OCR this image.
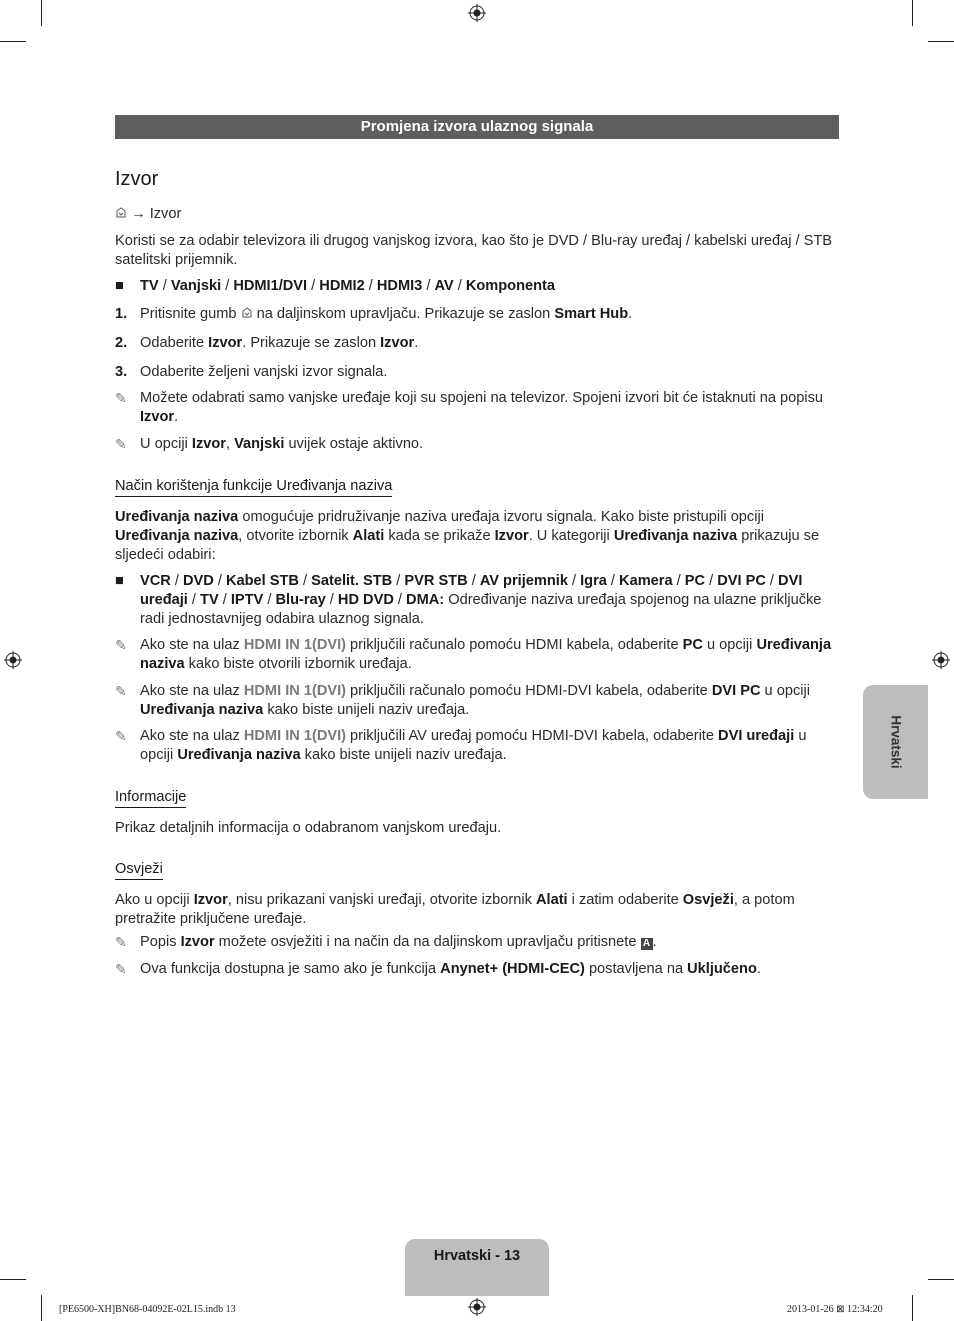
Promjena izvora ulaznog signala
Izvor
→ Izvor
Koristi se za odabir televizora ili drugog vanjskog izvora, kao što je DVD / Blu-ray uređaj / kabelski uređaj / STB satelitski prijemnik.
■	TV / Vanjski / HDMI1/DVI / HDMI2 / HDMI3 / AV / Komponenta
1. Pritisnite gumb  na daljinskom upravljaču. Prikazuje se zaslon Smart Hub.
2. Odaberite Izvor. Prikazuje se zaslon Izvor.
3. Odaberite željeni vanjski izvor signala.
✎ Možete odabrati samo vanjske uređaje koji su spojeni na televizor. Spojeni izvori bit će istaknuti na popisu Izvor.
✎ U opciji Izvor, Vanjski uvijek ostaje aktivno.
Način korištenja funkcije Uređivanja naziva
Uređivanja naziva omogućuje pridruživanje naziva uređaja izvoru signala. Kako biste pristupili opciji Uređivanja naziva, otvorite izbornik Alati kada se prikaže Izvor. U kategoriji Uređivanja naziva prikazuju se sljedeći odabiri:
■	VCR / DVD / Kabel STB / Satelit. STB / PVR STB / AV prijemnik / Igra / Kamera / PC / DVI PC / DVI uređaji / TV / IPTV / Blu-ray / HD DVD / DMA: Određivanje naziva uređaja spojenog na ulazne priključke radi jednostavnijeg odabira ulaznog signala.
✎ Ako ste na ulaz HDMI IN 1(DVI) priključili računalo pomoću HDMI kabela, odaberite PC u opciji Uređivanja naziva kako biste otvorili izbornik uređaja.
✎ Ako ste na ulaz HDMI IN 1(DVI) priključili računalo pomoću HDMI-DVI kabela, odaberite DVI PC u opciji Uređivanja naziva kako biste unijeli naziv uređaja.
✎ Ako ste na ulaz HDMI IN 1(DVI) priključili AV uređaj pomoću HDMI-DVI kabela, odaberite DVI uređaji u opciji Uređivanja naziva kako biste unijeli naziv uređaja.
Informacije
Prikaz detaljnih informacija o odabranom vanjskom uređaju.
Osvježi
Ako u opciji Izvor, nisu prikazani vanjski uređaji, otvorite izbornik Alati i zatim odaberite Osvježi, a potom pretražite priključene uređaje.
✎ Popis Izvor možete osvježiti i na način da na daljinskom upravljaču pritisnete A .
✎ Ova funkcija dostupna je samo ako je funkcija Anynet+ (HDMI-CEC) postavljena na Uključeno.
Hrvatski
Hrvatski - 13
[PE6500-XH]BN68-04092E-02L15.indb 13	2013-01-26 ⊠ 12:34:20
